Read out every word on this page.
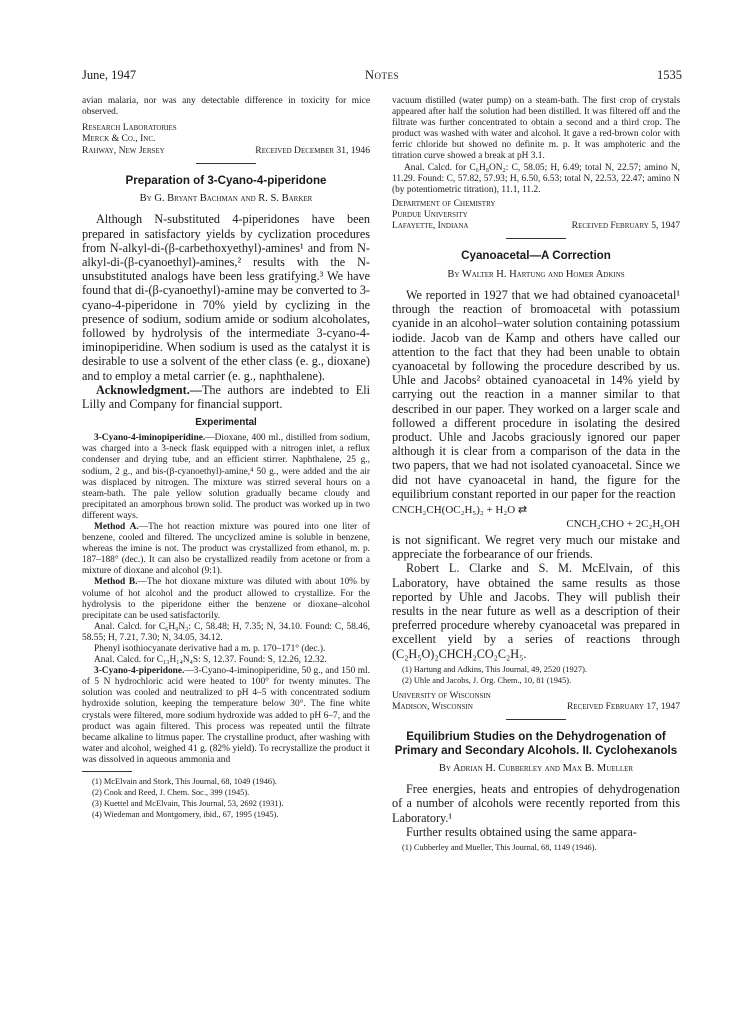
June, 1947	Notes	1535

avian malaria, nor was any detectable difference in toxicity for mice observed.

Research Laboratories
Merck & Co., Inc.
Rahway, New Jersey	Received December 31, 1946
Preparation of 3-Cyano-4-piperidone
By G. Bryant Bachman and R. S. Barker

Although N-substituted 4-piperidones have been prepared in satisfactory yields by cyclization procedures from N-alkyl-di-(β-carbethoxyethyl)-amines¹ and from N-alkyl-di-(β-cyanoethyl)-amines,² results with the N-unsubstituted analogs have been less gratifying.³ We have found that di-(β-cyanoethyl)-amine may be converted to 3-cyano-4-piperidone in 70% yield by cyclizing in the presence of sodium, sodium amide or sodium alcoholates, followed by hydrolysis of the intermediate 3-cyano-4-iminopiperidine. When sodium is used as the catalyst it is desirable to use a solvent of the ether class (e. g., dioxane) and to employ a metal carrier (e. g., naphthalene).

Acknowledgment.—The authors are indebted to Eli Lilly and Company for financial support.

Experimental

3-Cyano-4-iminopiperidine.—Dioxane, 400 ml., distilled from sodium, was charged into a 3-neck flask equipped with a nitrogen inlet, a reflux condenser and drying tube, and an efficient stirrer. Naphthalene, 25 g., sodium, 2 g., and bis-(β-cyanoethyl)-amine,⁴ 50 g., were added and the air was displaced by nitrogen. The mixture was stirred several hours on a steam-bath. The pale yellow solution gradually became cloudy and precipitated an amorphous brown solid. The product was worked up in two different ways.

Method A.—The hot reaction mixture was poured into one liter of benzene, cooled and filtered. The uncyclized amine is soluble in benzene, whereas the imine is not. The product was crystallized from ethanol, m. p. 187–188° (dec.). It can also be crystallized readily from acetone or from a mixture of dioxane and alcohol (9:1).

Method B.—The hot dioxane mixture was diluted with about 10% by volume of hot alcohol and the product allowed to crystallize. For the hydrolysis to the piperidone either the benzene or dioxane–alcohol precipitate can be used satisfactorily.

Anal. Calcd. for C₆H₉N₃: C, 58.48; H, 7.35; N, 34.10. Found: C, 58.46, 58.55; H, 7.21, 7.30; N, 34.05, 34.12.

Phenyl isothiocyanate derivative had a m. p. 170–171° (dec.).

Anal. Calcd. for C₁₃H₁₄N₄S: S, 12.37. Found: S, 12.26, 12.32.

3-Cyano-4-piperidone.—3-Cyano-4-iminopiperidine, 50 g., and 150 ml. of 5 N hydrochloric acid were heated to 100° for twenty minutes. The solution was cooled and neutralized to pH 4–5 with concentrated sodium hydroxide solution, keeping the temperature below 30°. The fine white crystals were filtered, more sodium hydroxide was added to pH 6–7, and the product was again filtered. This process was repeated until the filtrate became alkaline to litmus paper. The crystalline product, after washing with water and alcohol, weighed 41 g. (82% yield). To recrystallize the product it was dissolved in aqueous ammonia and

(1) McElvain and Stork, This Journal, 68, 1049 (1946).

(2) Cook and Reed, J. Chem. Soc., 399 (1945).

(3) Kuettel and McElvain, This Journal, 53, 2692 (1931).

(4) Wiedeman and Montgomery, ibid., 67, 1995 (1945).

vacuum distilled (water pump) on a steam-bath. The first crop of crystals appeared after half the solution had been distilled. It was filtered off and the filtrate was further concentrated to obtain a second and a third crop. The product was washed with water and alcohol. It gave a red-brown color with ferric chloride but showed no definite m. p. It was amphoteric and the titration curve showed a break at pH 3.1.

Anal. Calcd. for C₆H₈ON₂: C, 58.05; H, 6.49; total N, 22.57; amino N, 11.29. Found: C, 57.82, 57.93; H, 6.50, 6.53; total N, 22.53, 22.47; amino N (by potentiometric titration), 11.1, 11.2.

Department of Chemistry
Purdue University
Lafayette, Indiana	Received February 5, 1947
Cyanoacetal—A Correction
By Walter H. Hartung and Homer Adkins

We reported in 1927 that we had obtained cyanoacetal¹ through the reaction of bromoacetal with potassium cyanide in an alcohol–water solution containing potassium iodide. Jacob van de Kamp and others have called our attention to the fact that they had been unable to obtain cyanoacetal by following the procedure described by us. Uhle and Jacobs² obtained cyanoacetal in 14% yield by carrying out the reaction in a manner similar to that described in our paper. They worked on a larger scale and followed a different procedure in isolating the desired product. Uhle and Jacobs graciously ignored our paper although it is clear from a comparison of the data in the two papers, that we had not isolated cyanoacetal. Since we did not have cyanoacetal in hand, the figure for the equilibrium constant reported in our paper for the reaction

CNCH₂CH(OC₂H₅)₂ + H₂O ⇄
CNCH₂CHO + 2C₂H₅OH

is not significant. We regret very much our mistake and appreciate the forbearance of our friends.

Robert L. Clarke and S. M. McElvain, of this Laboratory, have obtained the same results as those reported by Uhle and Jacobs. They will publish their results in the near future as well as a description of their preferred procedure whereby cyanoacetal was prepared in excellent yield by a series of reactions through (C₂H₅O)₂CHCH₂CO₂C₂H₅.

(1) Hartung and Adkins, This Journal, 49, 2520 (1927).

(2) Uhle and Jacobs, J. Org. Chem., 10, 81 (1945).

University of Wisconsin
Madison, Wisconsin	Received February 17, 1947
Equilibrium Studies on the Dehydrogenation of Primary and Secondary Alcohols. II. Cyclohexanols
By Adrian H. Cubberley and Max B. Mueller

Free energies, heats and entropies of dehydrogenation of a number of alcohols were recently reported from this Laboratory.¹

Further results obtained using the same appara-

(1) Cubberley and Mueller, This Journal, 68, 1149 (1946).
